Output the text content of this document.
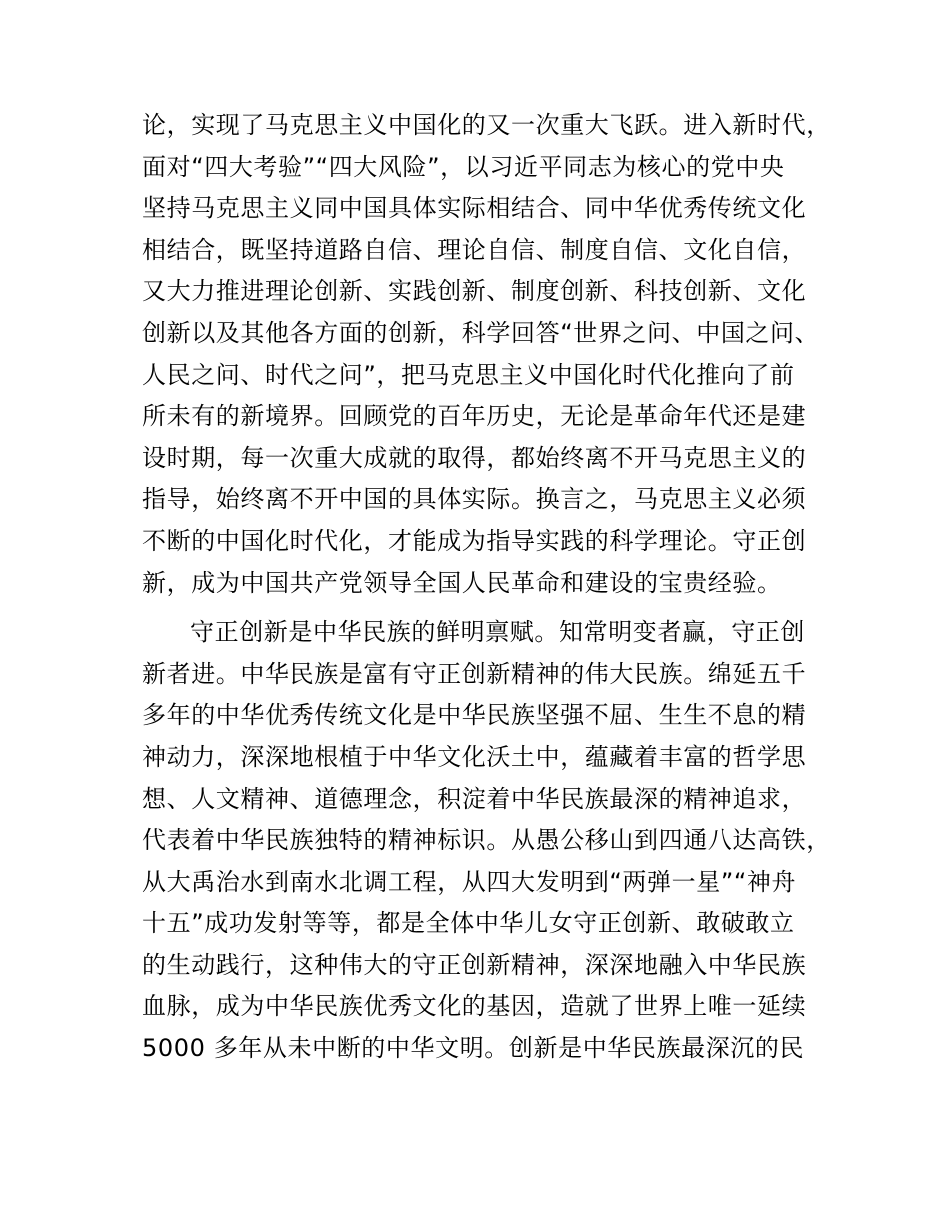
论，实现了马克思主义中国化的又一次重大飞跃。进入新时代，
面对“四大考验”“四大风险”，以习近平同志为核心的党中央
坚持马克思主义同中国具体实际相结合、同中华优秀传统文化
相结合，既坚持道路自信、理论自信、制度自信、文化自信，
又大力推进理论创新、实践创新、制度创新、科技创新、文化
创新以及其他各方面的创新，科学回答“世界之问、中国之问、
人民之问、时代之问”，把马克思主义中国化时代化推向了前
所未有的新境界。回顾党的百年历史，无论是革命年代还是建
设时期，每一次重大成就的取得，都始终离不开马克思主义的
指导，始终离不开中国的具体实际。换言之，马克思主义必须
不断的中国化时代化，才能成为指导实践的科学理论。守正创
新，成为中国共产党领导全国人民革命和建设的宝贵经验。
守正创新是中华民族的鲜明禀赋。知常明变者赢，守正创
新者进。中华民族是富有守正创新精神的伟大民族。绵延五千
多年的中华优秀传统文化是中华民族坚强不屈、生生不息的精
神动力，深深地根植于中华文化沃土中，蕴藏着丰富的哲学思
想、人文精神、道德理念，积淀着中华民族最深的精神追求，
代表着中华民族独特的精神标识。从愚公移山到四通八达高铁，
从大禹治水到南水北调工程，从四大发明到“两弹一星”“神舟
十五”成功发射等等，都是全体中华儿女守正创新、敢破敢立
的生动践行，这种伟大的守正创新精神，深深地融入中华民族
血脉，成为中华民族优秀文化的基因，造就了世界上唯一延续
5000 多年从未中断的中华文明。创新是中华民族最深沉的民
